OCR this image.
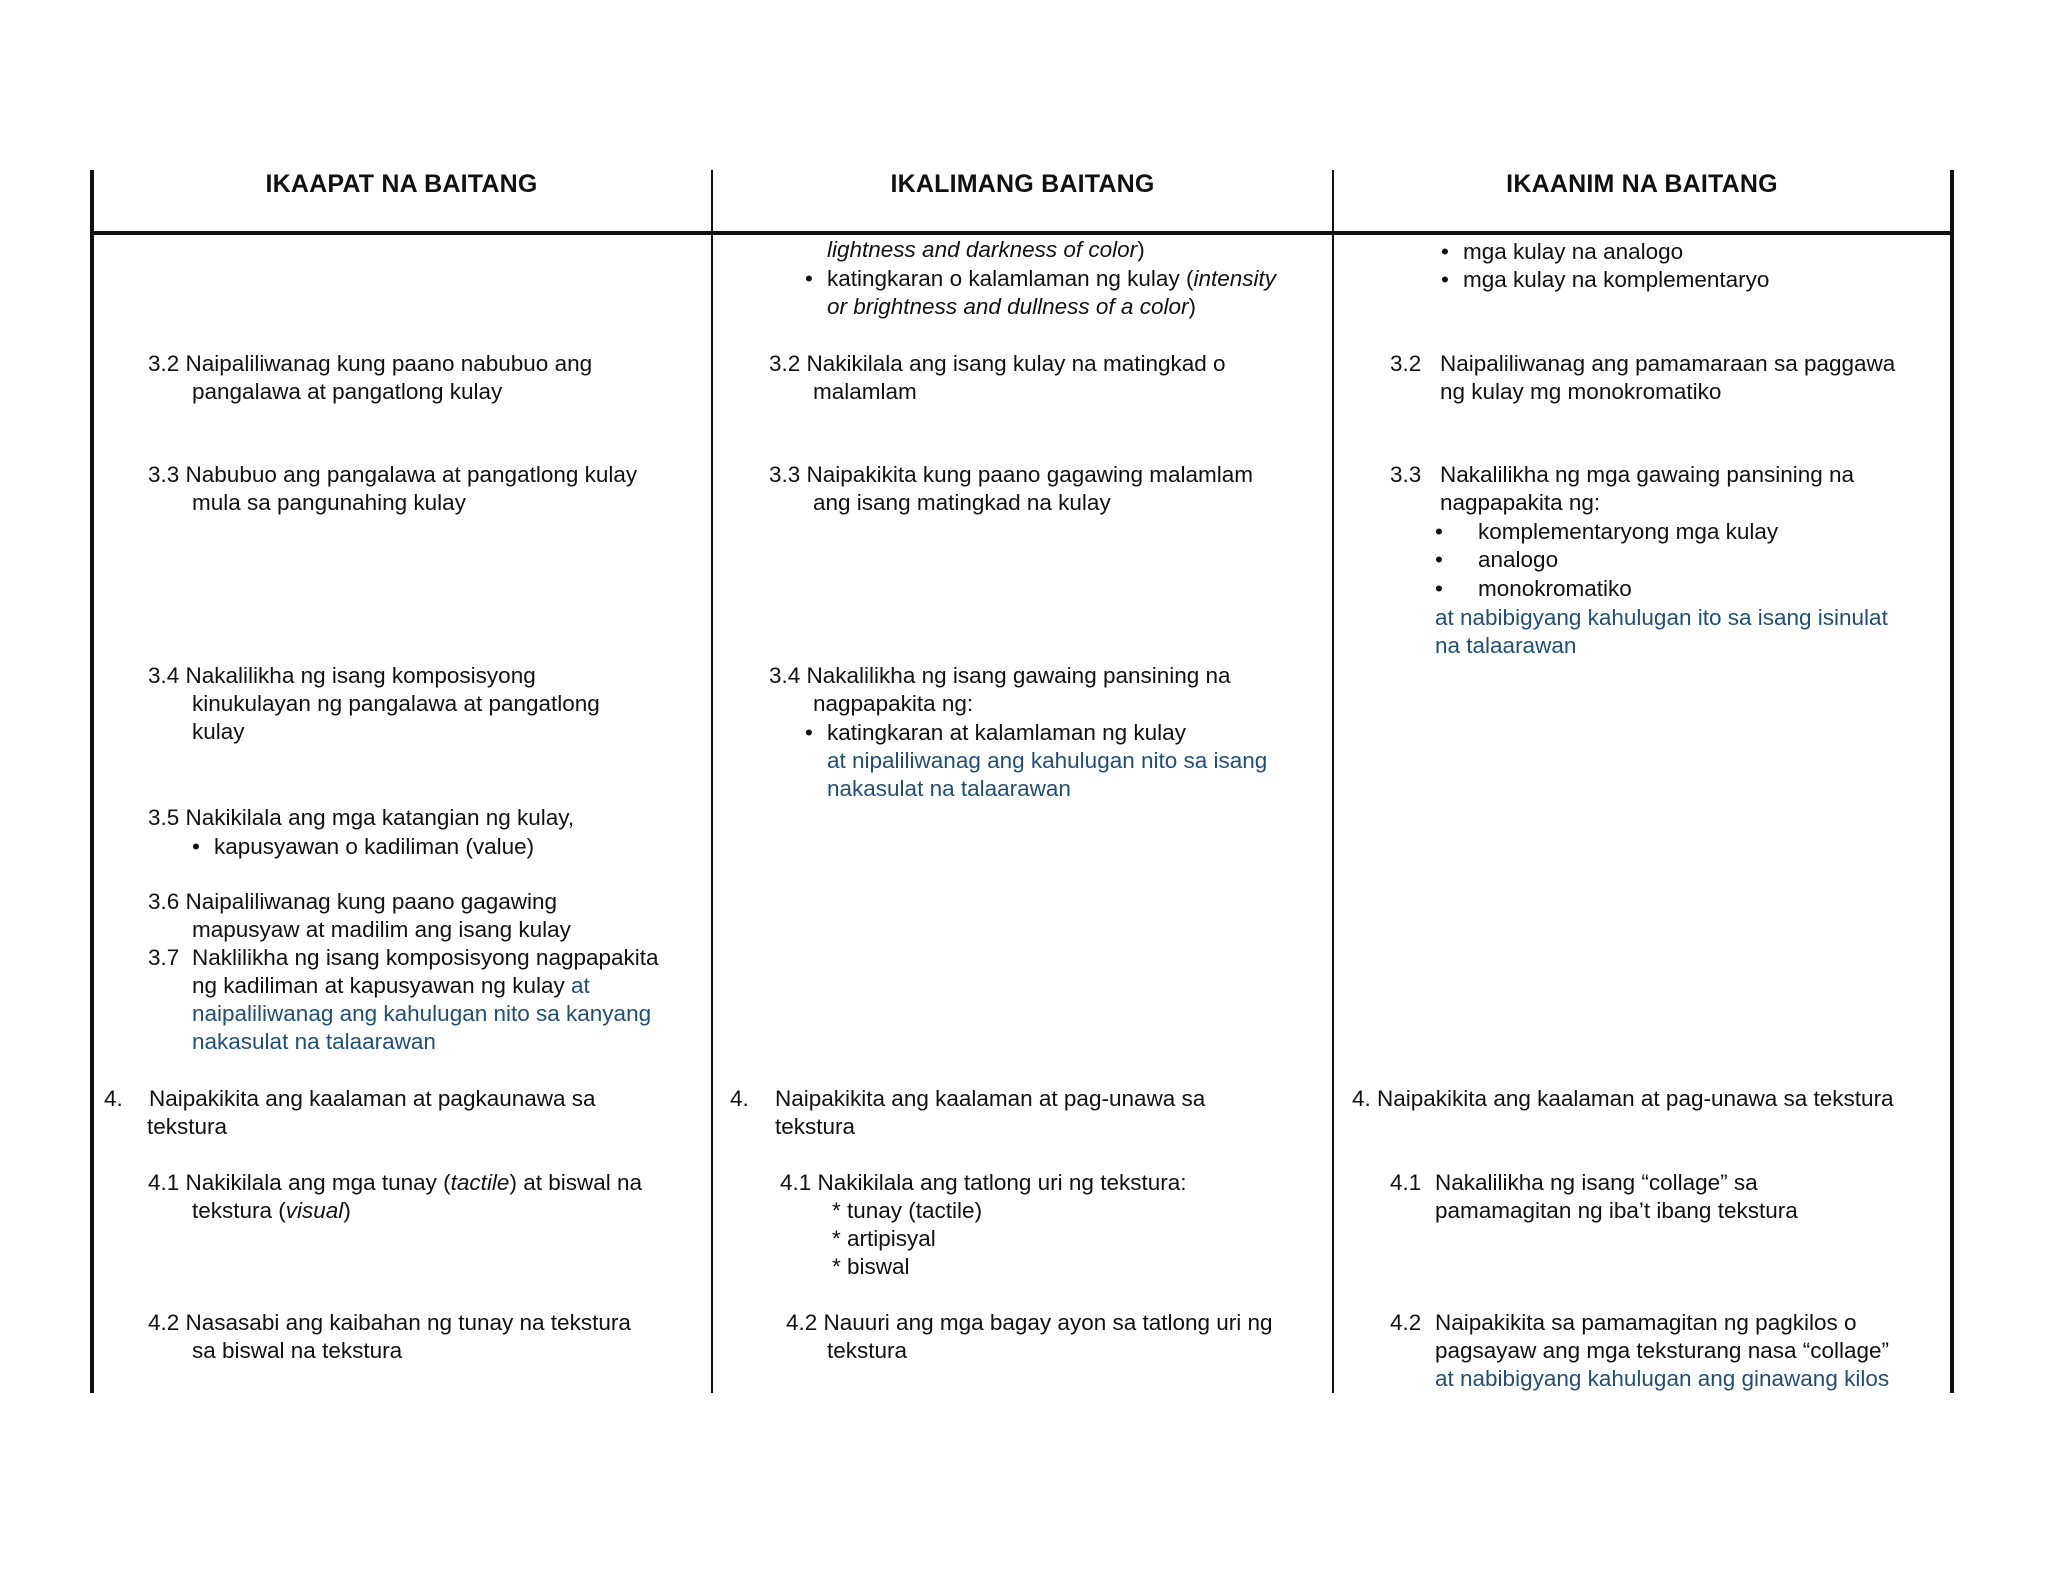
IKAAPAT NA BAITANG	IKALIMANG BAITANG	IKAANIM NA BAITANG
3.2 Naipaliliwanag kung paano nabubuo ang
pangalawa at pangatlong kulay
3.3 Nabubuo ang pangalawa at pangatlong kulay
mula sa pangunahing kulay
3.4 Nakalilikha ng isang komposisyong
kinukulayan ng pangalawa at pangatlong
kulay
3.5 Nakikilala ang mga katangian ng kulay,
• kapusyawan o kadiliman (value)
3.6 Naipaliliwanag kung paano gagawing
mapusyaw at madilim ang isang kulay
3.7 Naklilikha ng isang komposisyong nagpapakita
ng kadiliman at kapusyawan ng kulay at
naipaliliwanag ang kahulugan nito sa kanyang
nakasulat na talaarawan
4. Naipakikita ang kaalaman at pagkaunawa sa
tekstura
4.1 Nakikilala ang mga tunay (tactile) at biswal na
tekstura (visual)
4.2 Nasasabi ang kaibahan ng tunay na tekstura
sa biswal na tekstura
lightness and darkness of color)
• katingkaran o kalamlaman ng kulay (intensity
or brightness and dullness of a color)
3.2 Nakikilala ang isang kulay na matingkad o
malamlam
3.3 Naipakikita kung paano gagawing malamlam
ang isang matingkad na kulay
3.4 Nakalilikha ng isang gawaing pansining na
nagpapakita ng:
• katingkaran at kalamlaman ng kulay
at nipaliliwanag ang kahulugan nito sa isang
nakasulat na talaarawan
4. Naipakikita ang kaalaman at pag-unawa sa
tekstura
4.1 Nakikilala ang tatlong uri ng tekstura:
* tunay (tactile)
* artipisyal
* biswal
4.2 Nauuri ang mga bagay ayon sa tatlong uri ng
tekstura
• mga kulay na analogo
• mga kulay na komplementaryo
3.2 Naipaliliwanag ang pamamaraan sa paggawa
ng kulay mg monokromatiko
3.3 Nakalilikha ng mga gawaing pansining na
nagpapakita ng:
• komplementaryong mga kulay
• analogo
• monokromatiko
at nabibigyang kahulugan ito sa isang isinulat
na talaarawan
4. Naipakikita ang kaalaman at pag-unawa sa tekstura
4.1 Nakalilikha ng isang “collage” sa
pamamagitan ng iba’t ibang tekstura
4.2 Naipakikita sa pamamagitan ng pagkilos o
pagsayaw ang mga teksturang nasa “collage”
at nabibigyang kahulugan ang ginawang kilos
